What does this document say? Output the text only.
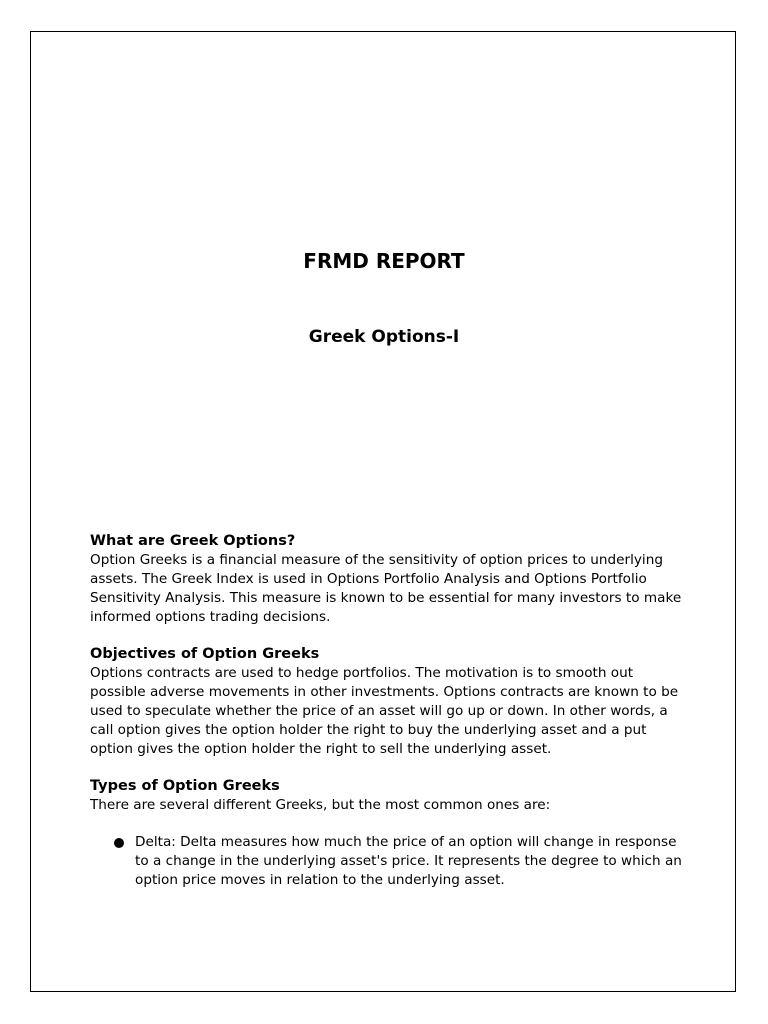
FRMD REPORT
Greek Options-I
What are Greek Options?

Option Greeks is a financial measure of the sensitivity of option prices to underlying assets. The Greek Index is used in Options Portfolio Analysis and Options Portfolio Sensitivity Analysis. This measure is known to be essential for many investors to make informed options trading decisions.

Objectives of Option Greeks

Options contracts are used to hedge portfolios. The motivation is to smooth out possible adverse movements in other investments. Options contracts are known to be used to speculate whether the price of an asset will go up or down. In other words, a call option gives the option holder the right to buy the underlying asset and a put option gives the option holder the right to sell the underlying asset.

Types of Option Greeks

There are several different Greeks, but the most common ones are:

Delta: Delta measures how much the price of an option will change in response to a change in the underlying asset's price. It represents the degree to which an option price moves in relation to the underlying asset.
